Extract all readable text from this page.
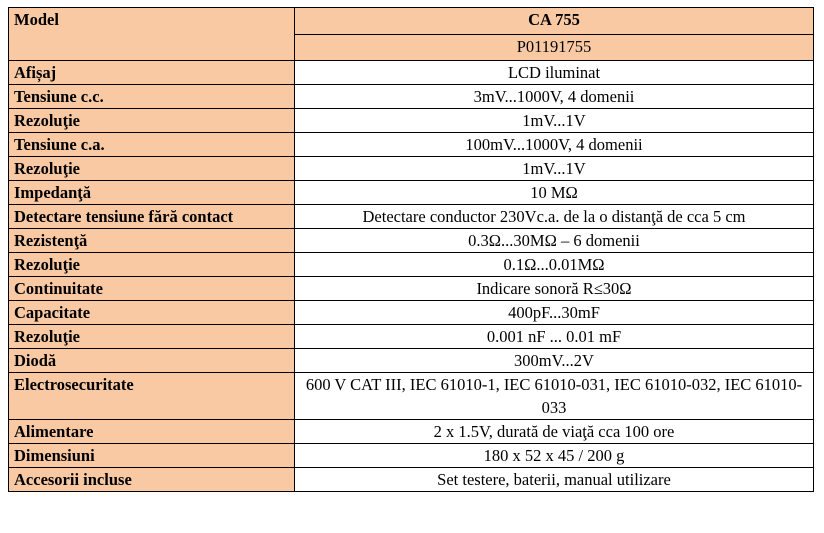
Model	CA 755
	P01191755
Afișaj	LCD iluminat
Tensiune c.c.	3mV...1000V, 4 domenii
Rezoluţie	1mV...1V
Tensiune c.a.	100mV...1000V, 4 domenii
Rezoluţie	1mV...1V
Impedanţă	10 MΩ
Detectare tensiune fără contact	Detectare conductor 230Vc.a. de la o distanţă de cca 5 cm
Rezistenţă	0.3Ω...30MΩ – 6 domenii
Rezoluţie	0.1Ω...0.01MΩ
Continuitate	Indicare sonoră R≤30Ω
Capacitate	400pF...30mF
Rezoluţie	0.001 nF ... 0.01 mF
Diodă	300mV...2V
Electrosecuritate	600 V CAT III, IEC 61010-1, IEC 61010-031, IEC 61010-032, IEC 61010-033
Alimentare	2 x 1.5V, durată de viaţă cca 100 ore
Dimensiuni	180 x 52 x 45 / 200 g
Accesorii incluse	Set testere, baterii, manual utilizare
